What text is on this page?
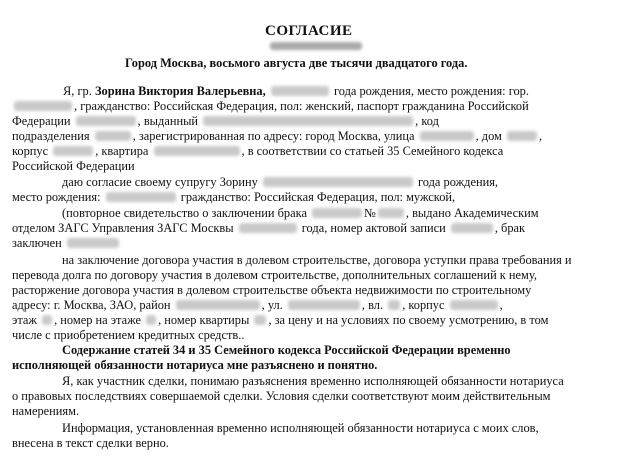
СОГЛАСИЕ
Город Москва, восьмого августа две тысячи двадцатого года.
Я, гр. Зорина Виктория Валерьевна,	года рождения, место рождения: гор.
, гражданство: Российская Федерация, пол: женский, паспорт гражданина Российской
Федерации	, выданный	, код
подразделения	, зарегистрированная по адресу: город Москва, улица	, дом	,
корпус	, квартира	, в соответствии со статьей 35 Семейного кодекса
Российской Федерации
даю согласие своему супругу Зорину	года рождения,
место рождения:	гражданство: Российская Федерация, пол: мужской,
(повторное свидетельство о заключении брака	№ , выдано Академическим
отделом ЗАГС Управления ЗАГС Москвы	года, номер актовой записи	, брак
заключен
на заключение договора участия в долевом строительстве, договора уступки права требования и
перевода долга по договору участия в долевом строительстве, дополнительных соглашений к нему,
расторжение договора участия в долевом строительстве объекта недвижимости по строительному
адресу: г. Москва, ЗАО, район	, ул.	, вл. , корпус	,
этаж , номер на этаже , номер квартиры , за цену и на условиях по своему усмотрению, в том
числе с приобретением кредитных средств..
Содержание статей 34 и 35 Семейного кодекса Российской Федерации временно
исполняющей обязанности нотариуса мне разъяснено и понятно.
Я, как участник сделки, понимаю разъяснения временно исполняющей обязанности нотариуса
о правовых последствиях совершаемой сделки. Условия сделки соответствуют моим действительным
намерениям.
Информация, установленная временно исполняющей обязанности нотариуса с моих слов,
внесена в текст сделки верно.
